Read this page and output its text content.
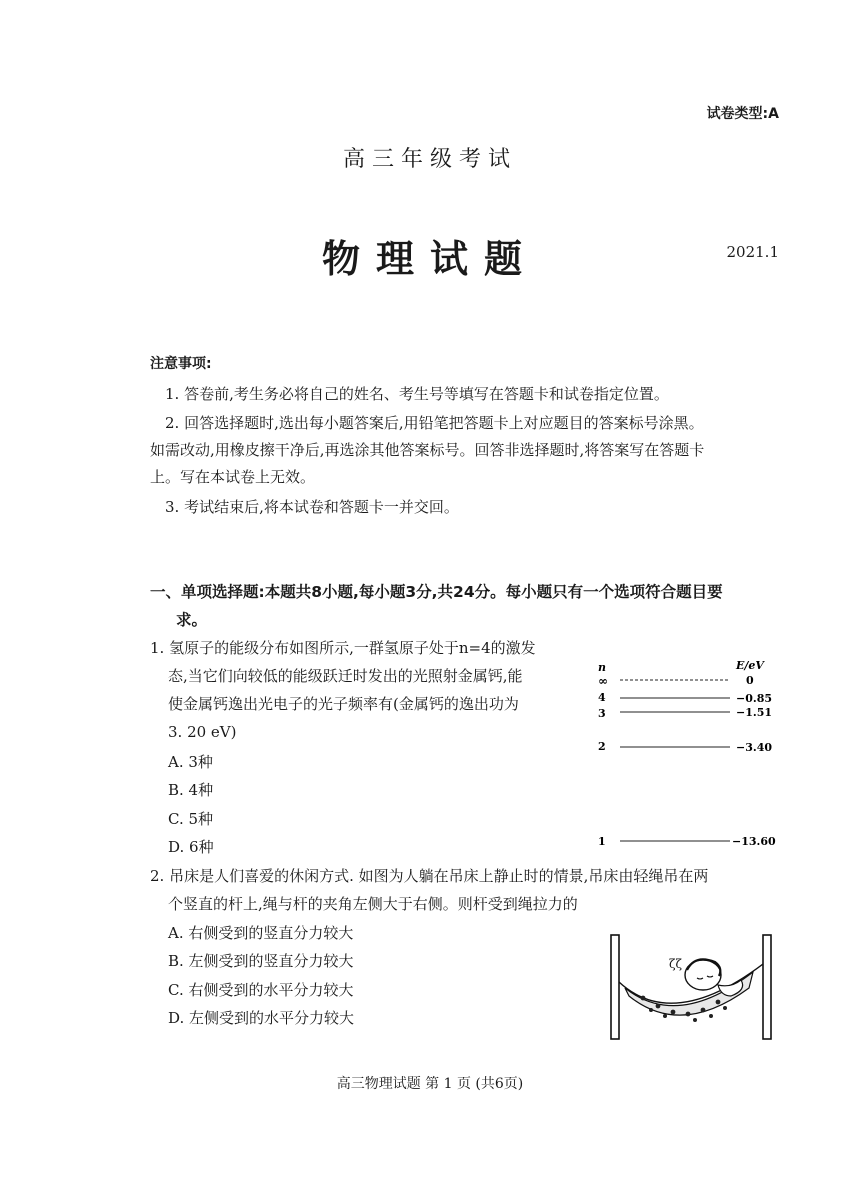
试卷类型:A
高三年级考试
物理试题	2021.1
注意事项:
1. 答卷前,考生务必将自己的姓名、考生号等填写在答题卡和试卷指定位置。
2. 回答选择题时,选出每小题答案后,用铅笔把答题卡上对应题目的答案标号涂黑。
如需改动,用橡皮擦干净后,再选涂其他答案标号。回答非选择题时,将答案写在答题卡
上。写在本试卷上无效。
3. 考试结束后,将本试卷和答题卡一并交回。
一、单项选择题:本题共8小题,每小题3分,共24分。每小题只有一个选项符合题目要
求。
1. 氢原子的能级分布如图所示,一群氢原子处于n=4的激发
态,当它们向较低的能级跃迁时发出的光照射金属钙,能
使金属钙逸出光电子的光子频率有(金属钙的逸出功为
3. 20 eV)
A. 3种
B. 4种
C. 5种
D. 6种
n	E/eV
∞	0
4	−0.85
3	−1.51
2	−3.40
1	−13.60
2. 吊床是人们喜爱的休闲方式. 如图为人躺在吊床上静止时的情景,吊床由轻绳吊在两
个竖直的杆上,绳与杆的夹角左侧大于右侧。则杆受到绳拉力的
A. 右侧受到的竖直分力较大
B. 左侧受到的竖直分力较大
C. 右侧受到的水平分力较大
D. 左侧受到的水平分力较大
ζζ
高三物理试题 第 1 页 (共6页)
